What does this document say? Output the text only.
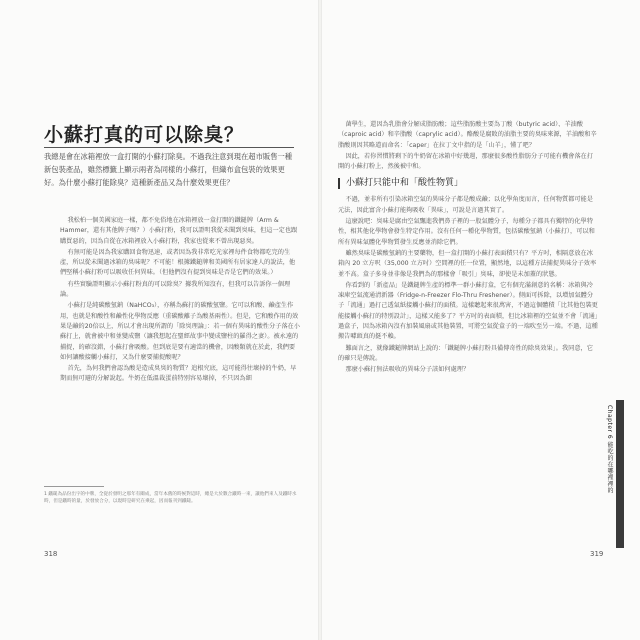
小蘇打真的可以除臭？
我總是會在冰箱裡放一盒打開的小蘇打除臭。不過我注意到現在超市販售一種新包裝產品，雖然標籤上顯示兩者為同樣的小蘇打，但織布盒包裝的效果更好。為什麼小蘇打能除臭？這種新產品又為什麼效果更佳？

我松柏一個美國家庭一樣，都不免俗地在冰箱裡放一盒打開的鐵鎚牌（Arm & Hammer，還有其他牌子嗎？）小蘇打粉，我可以證明我從未聞到臭味，但這一定也跟購買惡的，因為自從在冰箱裡放入小蘇打粉，我家也從來不曾出現惡臭。

有無可能是因為我家購回食物迅速，或者因為我非常吃光家裡每件食物都吃完的生產，所以從未聞過冰箱的臭味呢？不可能！根據鐵鎚牌和美國所有居家達人的說法，他們堅稱小蘇打粉可以吸收任何異味。（但他們沒有提到臭味是否是它們的效果。）

有些實驗證明顯示小蘇打粉真的可以除臭？據我所知沒有，但我可以告訴你一個理論。

小蘇打是純碳酸氫鈉（NaHCO₃），亦稱為蘇打的碳酸氫鹽。它可以和酸、鹼產生作用，也就是和酸性和鹼性化學物反應（重碳酸離子為酸基兩性）。但是，它和酸作用的效果是鹼的20倍以上，所以才會出現所謂的「除臭理論」：若一個有異味的酸性分子落在小蘇打上，就會被中和並變成鹽（讓我想起在聖經故事中變成鹽柱的羅得之妻）。被永遠的捕捉，的確沒錯，小蘇打會吸酸。但到底是要有適當的機會，因酸類就在於此，我們要如何讓酸接觸小蘇打，又為什麼要捕捉酸呢？

首先，為何我們會認為酸是造成臭臭的物質？追根究底，這可能得往壞掉的牛奶，早期而無可避的分解說起。牛奶在低溫裁蛋前特別容易壞掉，不只因為細

1 鐵鎚為品份出字的中牌，全從於發明之那年有關成，當年本舊的時候對這時，總是大於數合鐵時一來，讓他們來人及鐵時水時，但是鐵時的量，於發放合分，以現時是研究在乘起，因而報刊到鐵鎚。
318

菌學生，還因為乳脂會分解成脂肪酸；這些脂肪酸主要為丁酸（butyric acid）、羊油酸（caproic acid）和辛脂酸（caprylic acid）。酪酸是腐敗的油脂主要的臭味來源，羊油酸和辛脂酸則因其略道而命名：「caper」在拉丁文中指的是「山羊」，懂了吧？

因此，若你習慣將剩下的牛奶留在冰箱中好幾週，那麼很多酸性脂肪分子可能有機會落在打開的小蘇打粉上，然後被中和。

小蘇打只能中和「酸性物質」

不過，並非所有引染冰箱空氣的異味分子都是酸成鹼；以化學角度而言，任何物質都可能是元法，因此富含小蘇打能夠吸收「異味」，可說是言過其實了。

這麼說吧：臭味是腐由空氣飄進我們鼻子裡的一股氣體分子，每種分子都具有獨特的化學特性，相其他化學物會發生特定作用。沒有任何一種化學物質，包括碳酸氫鈉（小蘇打），可以和所有異味氣體化學物質發生反應並消除它們。

雖然臭味是碳酸氫鈉的主要藥物，但一盒打開的小蘇打表面積只有？平方吋，相隔意放在冰箱內 20 立方呎（35,000 立方吋）空間裡的任一位置，顯然地，以這種方法捕捉異味分子效率並不高。盒子多身並非像是我們為的那樣會「吸引」臭味，卻使是未加蓋的狀態。

你看到的「新產品」是鐵鎚牌生產的標準一群小蘇打盒，它有個充滿創意的名稱：冰箱與冷凍庫空氣流通清新器（Fridge-n-Freezer Flo-Thru Freshener）。側面可拆除，以增加氣體分子「流通」過打己透氣紙接觸小蘇打的面積。這樣聽起來很萬害，不過這個體積「比其他包裝更能接觸小蘇打的特別設計」，這樣又能多了？平方吋的表面積，但比冰箱裡的空氣並不會「流通」過盒子，因為冰箱內沒有加裝風扇或其他裝置，可將空氣從盒子的一端吹至另一端。不過，這種搬告噱頭真的挺不賴。

難面言之，就像鐵鎚牌網站上說的：「鐵鎚牌小蘇打粉具備傳奇性的除臭效果」。我同意，它的確只是傳說。

那麼小蘇打無法吸收的異味分子該如何處理？

Chapter 6 能吃的在哪裡裡的
319
